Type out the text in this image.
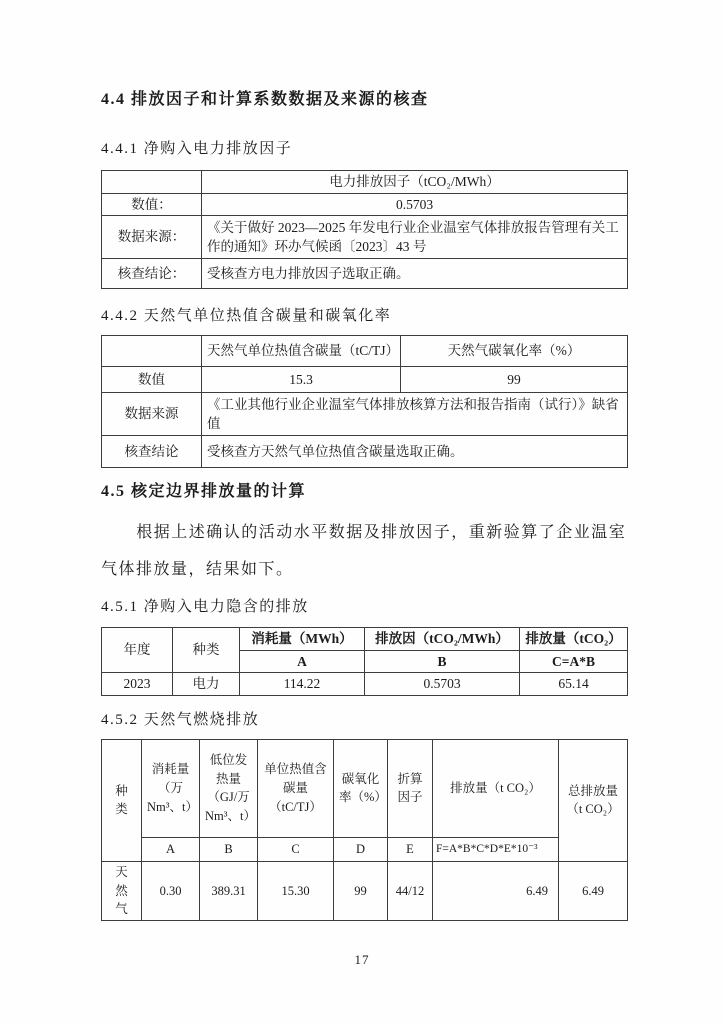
4.4 排放因子和计算系数数据及来源的核查
4.4.1 净购入电力排放因子
	电力排放因子（tCO₂/MWh）
数值：	0.5703
数据来源：	《关于做好 2023—2025 年发电行业企业温室气体排放报告管理有关工作的通知》环办气候函〔2023〕43 号
核查结论：	受核查方电力排放因子选取正确。
4.4.2 天然气单位热值含碳量和碳氧化率
	天然气单位热值含碳量（tC/TJ）	天然气碳氧化率（%）
数值	15.3	99
数据来源	《工业其他行业企业温室气体排放核算方法和报告指南（试行）》缺省值	
核查结论	受核查方天然气单位热值含碳量选取正确。	
4.5 核定边界排放量的计算

根据上述确认的活动水平数据及排放因子，重新验算了企业温室气体排放量，结果如下。

4.5.1 净购入电力隐含的排放
年度	种类	消耗量（MWh）	排放因（tCO₂/MWh）	排放量（tCO₂）
		A	B	C=A*B
2023	电力	114.22	0.5703	65.14
4.5.2 天然气燃烧排放
种类	消耗量（万Nm³、t）	低位发热量（GJ/万Nm³、t）	单位热值含碳量（tC/TJ）	碳氧化率（%）	折算因子	排放量（t CO₂）	总排放量（t CO₂）
	A	B	C	D	E	F=A*B*C*D*E*10⁻³	
天然气	0.30	389.31	15.30	99	44/12	6.49	6.49
17
